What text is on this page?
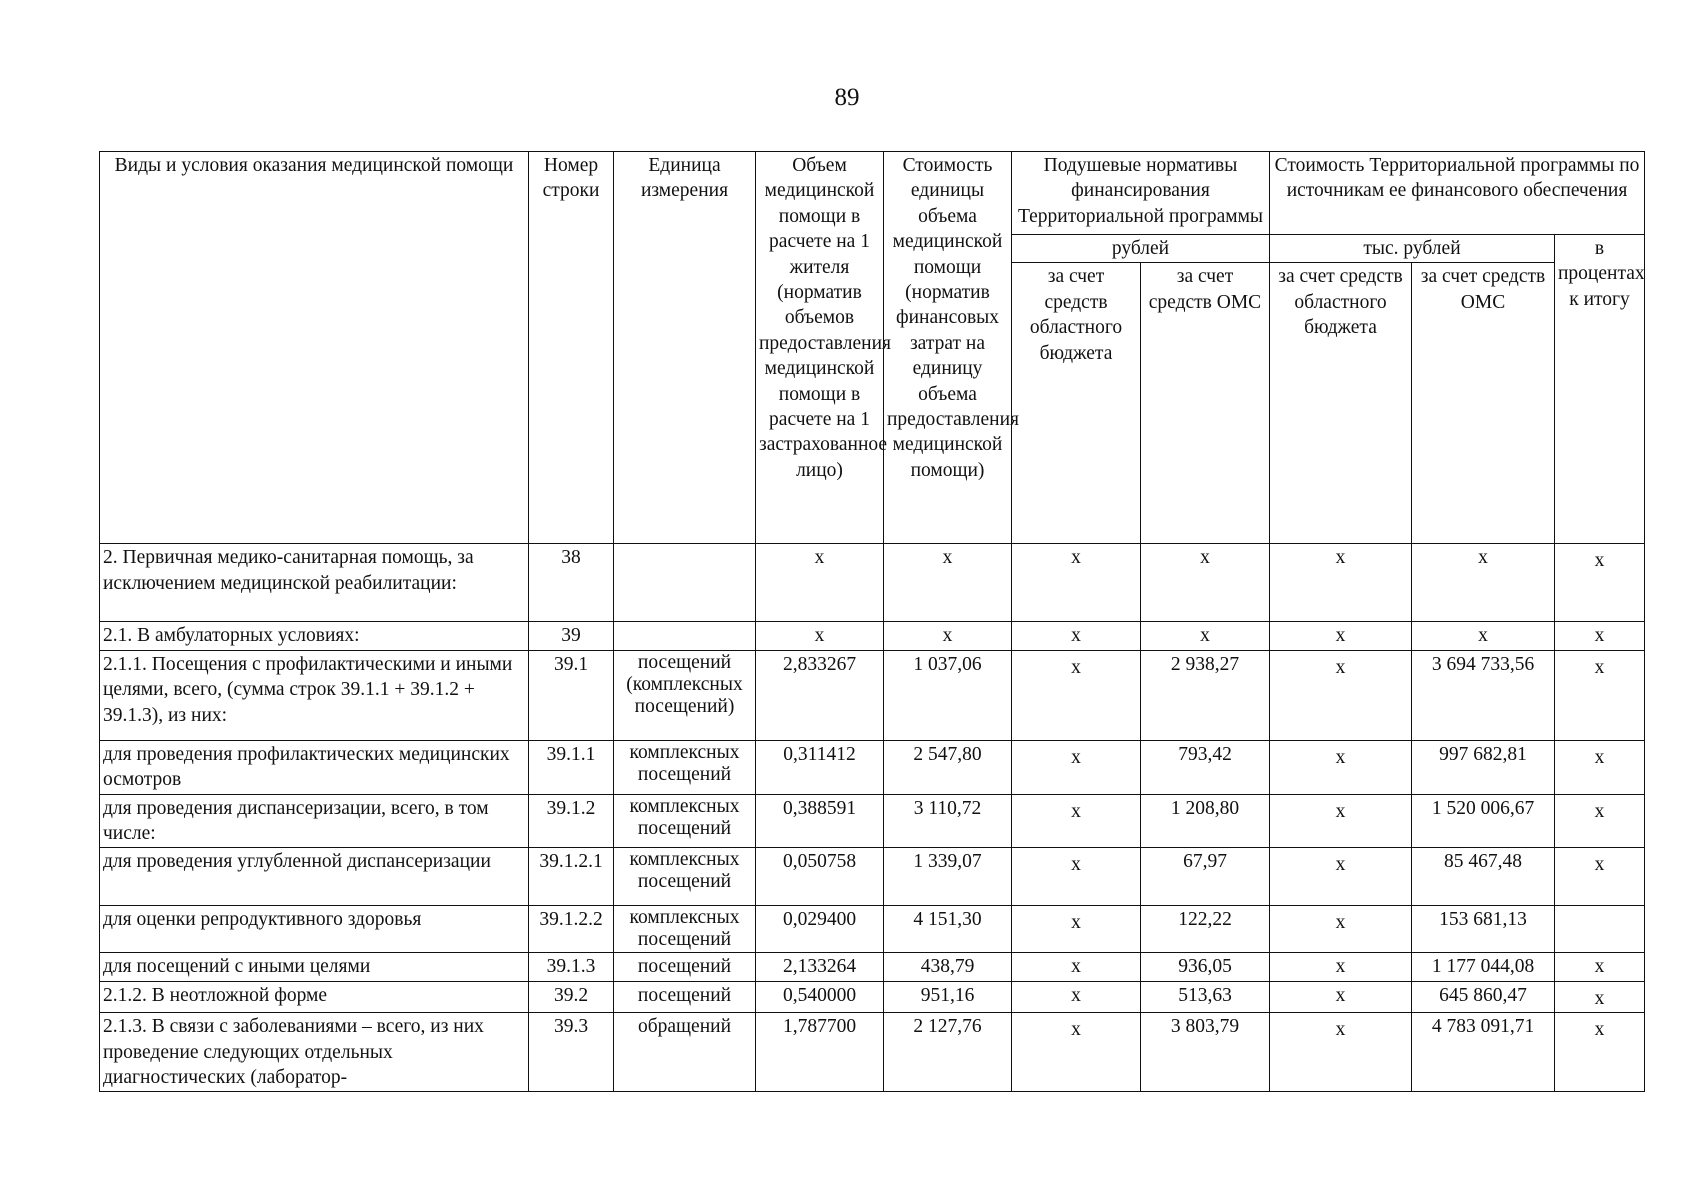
89
Виды и условия оказания медицинской помощи	Номер строки	Единица измерения	Объем медицинской помощи в расчете на 1 жителя (норматив объемов предоставления медицинской помощи в расчете на 1 застрахованное лицо)	Стоимость единицы объема медицинской помощи (норматив финансовых затрат на единицу объема предоставления медицинской помощи)	Подушевые нормативы финансирования Территориальной программы		Стоимость Территориальной программы по источникам ее финансового обеспечения		
					рублей		тыс. рублей		в процентах к итогу
					за счет средств областного бюджета	за счет средств ОМС	за счет средств областного бюджета	за счет средств ОМС	
2. Первичная медико-санитарная помощь, за исключением медицинской реабилитации:	38		x	x	x	x	x	x	x
2.1. В амбулаторных условиях:	39		x	x	x	x	x	x	x
2.1.1. Посещения с профилактическими и иными целями, всего, (сумма строк 39.1.1 + 39.1.2 + 39.1.3), из них:	39.1	посещений (комплексных посещений)	2,833267	1 037,06	x	2 938,27	x	3 694 733,56	x
для проведения профилактических медицинских осмотров	39.1.1	комплексных посещений	0,311412	2 547,80	x	793,42	x	997 682,81	x
для проведения диспансеризации, всего, в том числе:	39.1.2	комплексных посещений	0,388591	3 110,72	x	1 208,80	x	1 520 006,67	x
для проведения углубленной диспансеризации	39.1.2.1	комплексных посещений	0,050758	1 339,07	x	67,97	x	85 467,48	x
для оценки репродуктивного здоровья	39.1.2.2	комплексных посещений	0,029400	4 151,30	x	122,22	x	153 681,13	
для посещений с иными целями	39.1.3	посещений	2,133264	438,79	x	936,05	x	1 177 044,08	x
2.1.2. В неотложной форме	39.2	посещений	0,540000	951,16	x	513,63	x	645 860,47	x
2.1.3. В связи с заболеваниями – всего, из них проведение следующих отдельных диагностических (лаборатор-	39.3	обращений	1,787700	2 127,76	x	3 803,79	x	4 783 091,71	x
